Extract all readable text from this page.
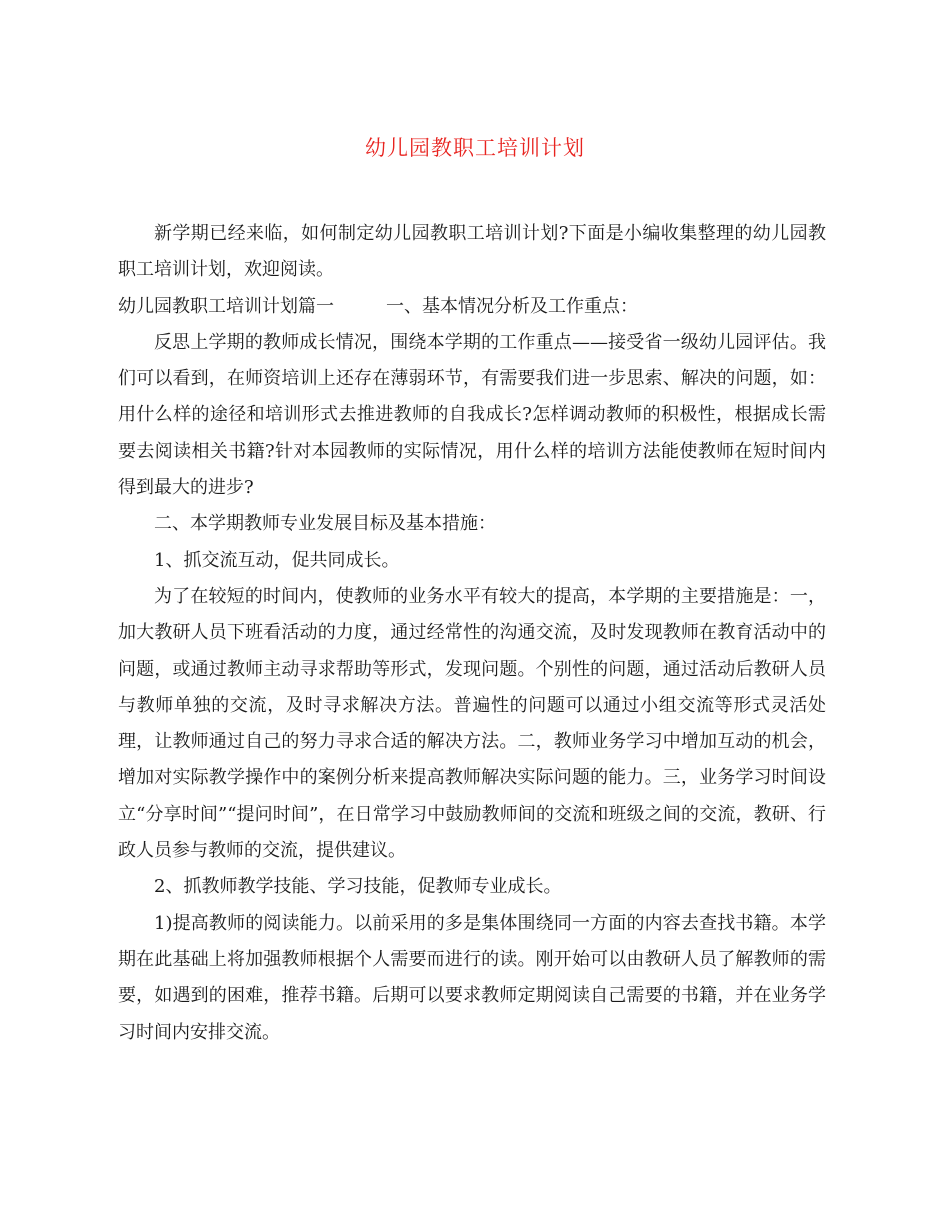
幼儿园教职工培训计划

新学期已经来临，如何制定幼儿园教职工培训计划?下面是小编收集整理的幼儿园教职工培训计划，欢迎阅读。

幼儿园教职工培训计划篇一	一、基本情况分析及工作重点：

反思上学期的教师成长情况，围绕本学期的工作重点——接受省一级幼儿园评估。我们可以看到，在师资培训上还存在薄弱环节，有需要我们进一步思索、解决的问题，如：用什么样的途径和培训形式去推进教师的自我成长?怎样调动教师的积极性，根据成长需要去阅读相关书籍?针对本园教师的实际情况，用什么样的培训方法能使教师在短时间内得到最大的进步?

二、本学期教师专业发展目标及基本措施：

1、抓交流互动，促共同成长。

为了在较短的时间内，使教师的业务水平有较大的提高，本学期的主要措施是：一，加大教研人员下班看活动的力度，通过经常性的沟通交流，及时发现教师在教育活动中的问题，或通过教师主动寻求帮助等形式，发现问题。个别性的问题，通过活动后教研人员与教师单独的交流，及时寻求解决方法。普遍性的问题可以通过小组交流等形式灵活处理，让教师通过自己的努力寻求合适的解决方法。二，教师业务学习中增加互动的机会，增加对实际教学操作中的案例分析来提高教师解决实际问题的能力。三，业务学习时间设立“分享时间”“提问时间”，在日常学习中鼓励教师间的交流和班级之间的交流，教研、行政人员参与教师的交流，提供建议。

2、抓教师教学技能、学习技能，促教师专业成长。

1)提高教师的阅读能力。以前采用的多是集体围绕同一方面的内容去查找书籍。本学期在此基础上将加强教师根据个人需要而进行的读。刚开始可以由教研人员了解教师的需要，如遇到的困难，推荐书籍。后期可以要求教师定期阅读自己需要的书籍，并在业务学习时间内安排交流。
